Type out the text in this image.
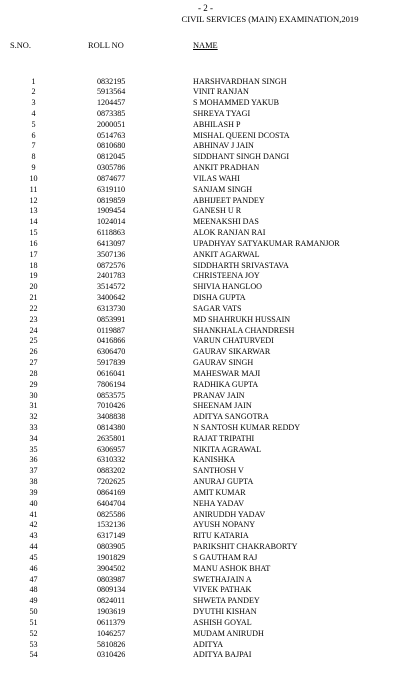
- 2 -
CIVIL SERVICES (MAIN) EXAMINATION,2019
S.NO.	ROLL NO	NAME
1	0832195	HARSHVARDHAN SINGH
2	5913564	VINIT RANJAN
3	1204457	S MOHAMMED YAKUB
4	0873385	SHREYA TYAGI
5	2000051	ABHILASH P
6	0514763	MISHAL QUEENI DCOSTA
7	0810680	ABHINAV J JAIN
8	0812045	SIDDHANT SINGH DANGI
9	0305786	ANKIT PRADHAN
10	0874677	VILAS WAHI
11	6319110	SANJAM SINGH
12	0819859	ABHIJEET PANDEY
13	1909454	GANESH U R
14	1024014	MEENAKSHI DAS
15	6118863	ALOK RANJAN RAI
16	6413097	UPADHYAY SATYAKUMAR RAMANJOR
17	3507136	ANKIT AGARWAL
18	0872576	SIDDHARTH SRIVASTAVA
19	2401783	CHRISTEENA JOY
20	3514572	SHIVIA HANGLOO
21	3400642	DISHA GUPTA
22	6313730	SAGAR VATS
23	0853991	MD SHAHRUKH HUSSAIN
24	0119887	SHANKHALA CHANDRESH
25	0416866	VARUN CHATURVEDI
26	6306470	GAURAV SIKARWAR
27	5917839	GAURAV SINGH
28	0616041	MAHESWAR MAJI
29	7806194	RADHIKA GUPTA
30	0853575	PRANAV JAIN
31	7010426	SHEENAM JAIN
32	3408838	ADITYA SANGOTRA
33	0814380	N SANTOSH KUMAR REDDY
34	2635801	RAJAT TRIPATHI
35	6306957	NIKITA AGRAWAL
36	6310332	KANISHKA
37	0883202	SANTHOSH V
38	7202625	ANURAJ GUPTA
39	0864169	AMIT KUMAR
40	6404704	NEHA YADAV
41	0825586	ANIRUDDH YADAV
42	1532136	AYUSH NOPANY
43	6317149	RITU KATARIA
44	0803905	PARIKSHIT CHAKRABORTY
45	1901829	S GAUTHAM RAJ
46	3904502	MANU ASHOK BHAT
47	0803987	SWETHAJAIN A
48	0809134	VIVEK PATHAK
49	0824011	SHWETA PANDEY
50	1903619	DYUTHI KISHAN
51	0611379	ASHISH GOYAL
52	1046257	MUDAM ANIRUDH
53	5810826	ADITYA
54	0310426	ADITYA BAJPAI
